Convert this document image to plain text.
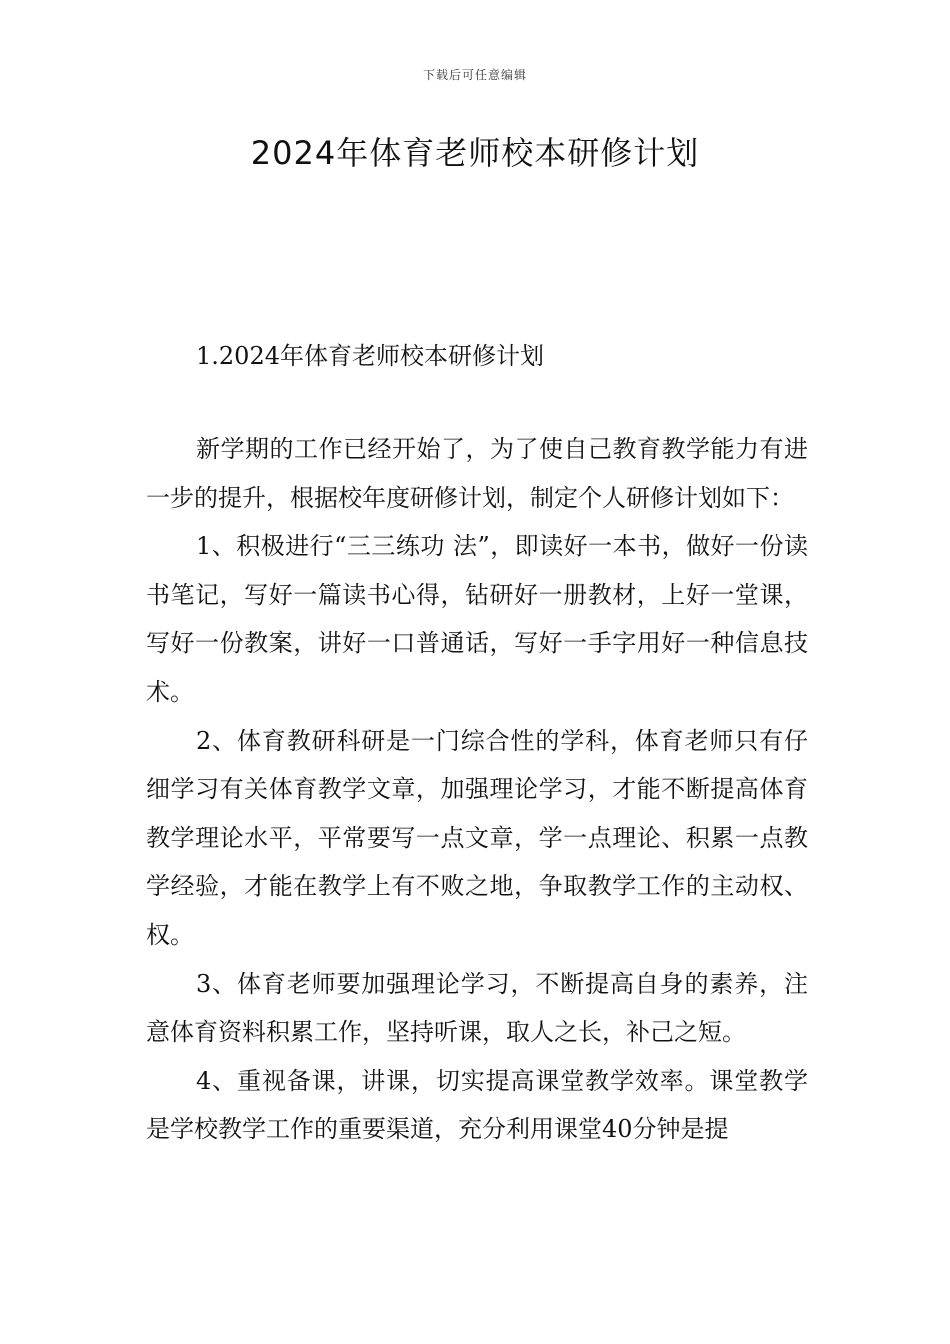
下载后可任意编辑
2024年体育老师校本研修计划
1.2024年体育老师校本研修计划

新学期的工作已经开始了，为了使自己教育教学能力有进一步的提升，根据校年度研修计划，制定个人研修计划如下：

1、积极进行“三三练功 法”，即读好一本书，做好一份读书笔记，写好一篇读书心得，钻研好一册教材，上好一堂课，写好一份教案，讲好一口普通话，写好一手字用好一种信息技术。

2、体育教研科研是一门综合性的学科，体育老师只有仔细学习有关体育教学文章，加强理论学习，才能不断提高体育教学理论水平，平常要写一点文章，学一点理论、积累一点教学经验，才能在教学上有不败之地，争取教学工作的主动权、权。

3、体育老师要加强理论学习，不断提高自身的素养，注意体育资料积累工作，坚持听课，取人之长，补己之短。

4、重视备课，讲课，切实提高课堂教学效率。课堂教学是学校教学工作的重要渠道，充分利用课堂40分钟是提
